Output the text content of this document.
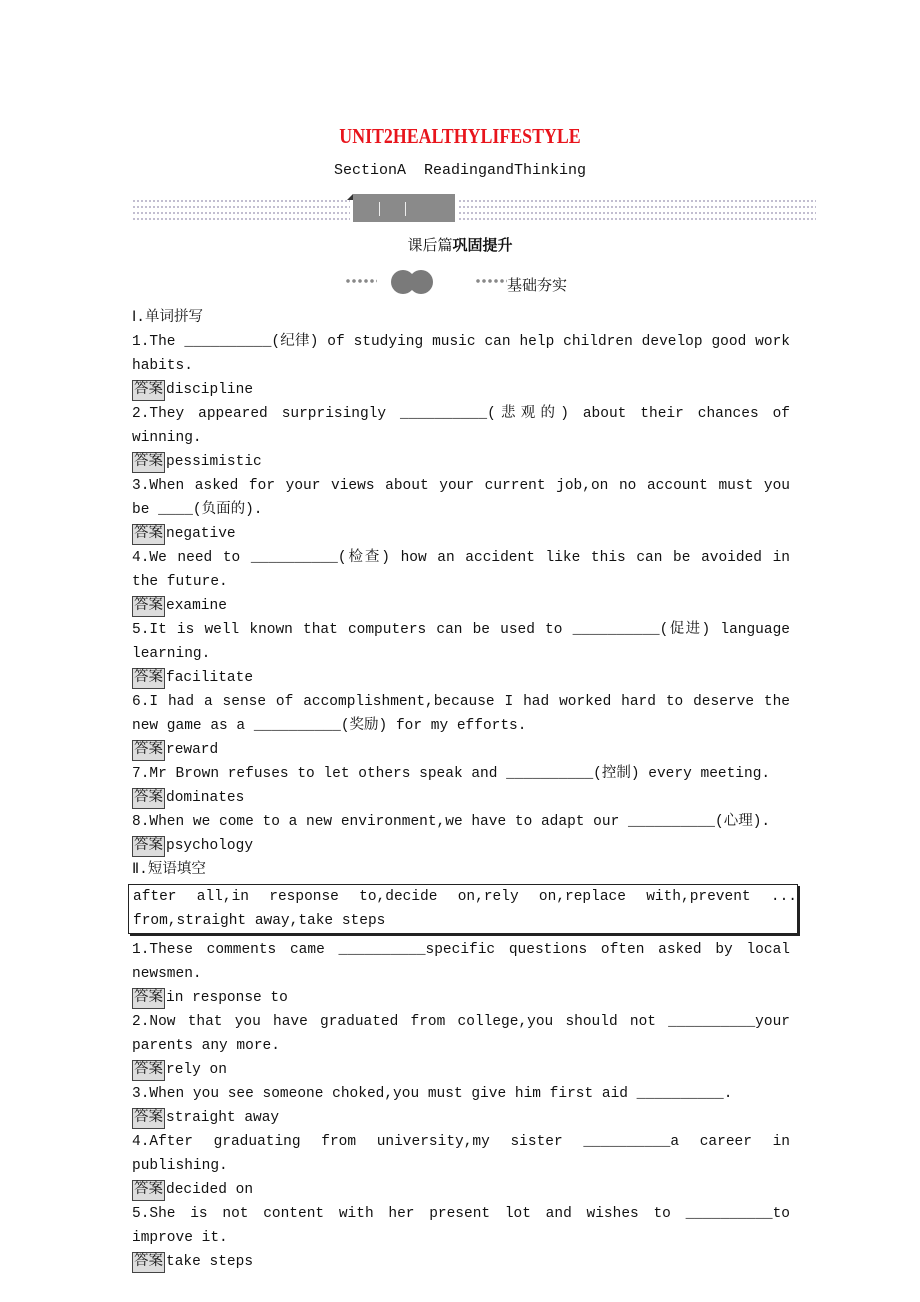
UNIT2HEALTHYLIFESTYLE
SectionA  ReadingandThinking
课后篇巩固提升
基础夯实

Ⅰ.单词拼写

1.The __________(纪律) of studying music can help children develop good work habits.

答案 discipline

2.They appeared surprisingly __________(悲观的) about their chances of winning.

答案 pessimistic

3.When asked for your views about your current job,on no account must you be ____(负面的).

答案 negative

4.We need to __________(检查) how an accident like this can be avoided in the future.

答案 examine

5.It is well known that computers can be used to __________(促进) language learning.

答案 facilitate

6.I had a sense of accomplishment,because I had worked hard to deserve the new game as a __________(奖励) for my efforts.

答案 reward

7.Mr Brown refuses to let others speak and __________(控制) every meeting.

答案 dominates

8.When we come to a new environment,we have to adapt our __________(心理).

答案 psychology

Ⅱ.短语填空

after all,in response to,decide on,rely on,replace with,prevent ... from,straight away,take steps

1.These comments came __________specific questions often asked by local newsmen.

答案 in response to

2.Now that you have graduated from college,you should not __________your parents any more.

答案 rely on

3.When you see someone choked,you must give him first aid __________.

答案 straight away

4.After graduating from university,my sister __________a career in publishing.

答案 decided on

5.She is not content with her present lot and wishes to __________to improve it.

答案 take steps
